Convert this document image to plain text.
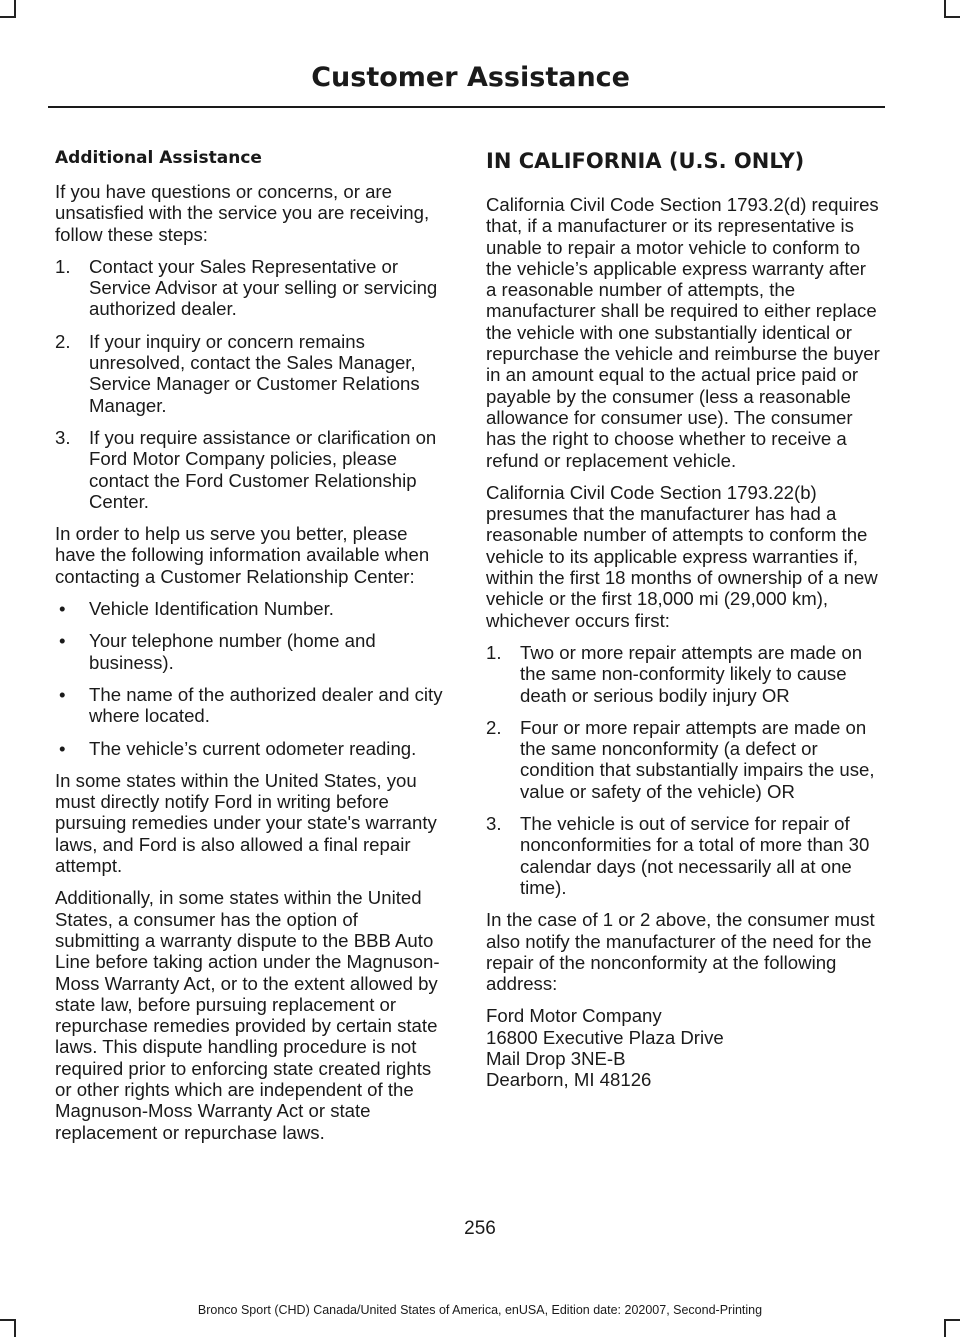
Customer Assistance
Additional Assistance

If you have questions or concerns, or are unsatisfied with the service you are receiving, follow these steps:

1. Contact your Sales Representative or Service Advisor at your selling or servicing authorized dealer.
2. If your inquiry or concern remains unresolved, contact the Sales Manager, Service Manager or Customer Relations Manager.
3. If you require assistance or clarification on Ford Motor Company policies, please contact the Ford Customer Relationship Center.

In order to help us serve you better, please have the following information available when contacting a Customer Relationship Center:

• Vehicle Identification Number.
• Your telephone number (home and business).
• The name of the authorized dealer and city where located.
• The vehicle’s current odometer reading.

In some states within the United States, you must directly notify Ford in writing before pursuing remedies under your state's warranty laws, and Ford is also allowed a final repair attempt.

Additionally, in some states within the United States, a consumer has the option of submitting a warranty dispute to the BBB Auto Line before taking action under the Magnuson-Moss Warranty Act, or to the extent allowed by state law, before pursuing replacement or repurchase remedies provided by certain state laws. This dispute handling procedure is not required prior to enforcing state created rights or other rights which are independent of the Magnuson-Moss Warranty Act or state replacement or repurchase laws.

IN CALIFORNIA (U.S. ONLY)

California Civil Code Section 1793.2(d) requires that, if a manufacturer or its representative is unable to repair a motor vehicle to conform to the vehicle’s applicable express warranty after a reasonable number of attempts, the manufacturer shall be required to either replace the vehicle with one substantially identical or repurchase the vehicle and reimburse the buyer in an amount equal to the actual price paid or payable by the consumer (less a reasonable allowance for consumer use). The consumer has the right to choose whether to receive a refund or replacement vehicle.

California Civil Code Section 1793.22(b) presumes that the manufacturer has had a reasonable number of attempts to conform the vehicle to its applicable express warranties if, within the first 18 months of ownership of a new vehicle or the first 18,000 mi (29,000 km), whichever occurs first:

1. Two or more repair attempts are made on the same non-conformity likely to cause death or serious bodily injury OR
2. Four or more repair attempts are made on the same nonconformity (a defect or condition that substantially impairs the use, value or safety of the vehicle) OR
3. The vehicle is out of service for repair of nonconformities for a total of more than 30 calendar days (not necessarily all at one time).

In the case of 1 or 2 above, the consumer must also notify the manufacturer of the need for the repair of the nonconformity at the following address:

Ford Motor Company
16800 Executive Plaza Drive
Mail Drop 3NE-B
Dearborn, MI 48126
256
Bronco Sport (CHD) Canada/United States of America, enUSA, Edition date: 202007, Second-Printing
